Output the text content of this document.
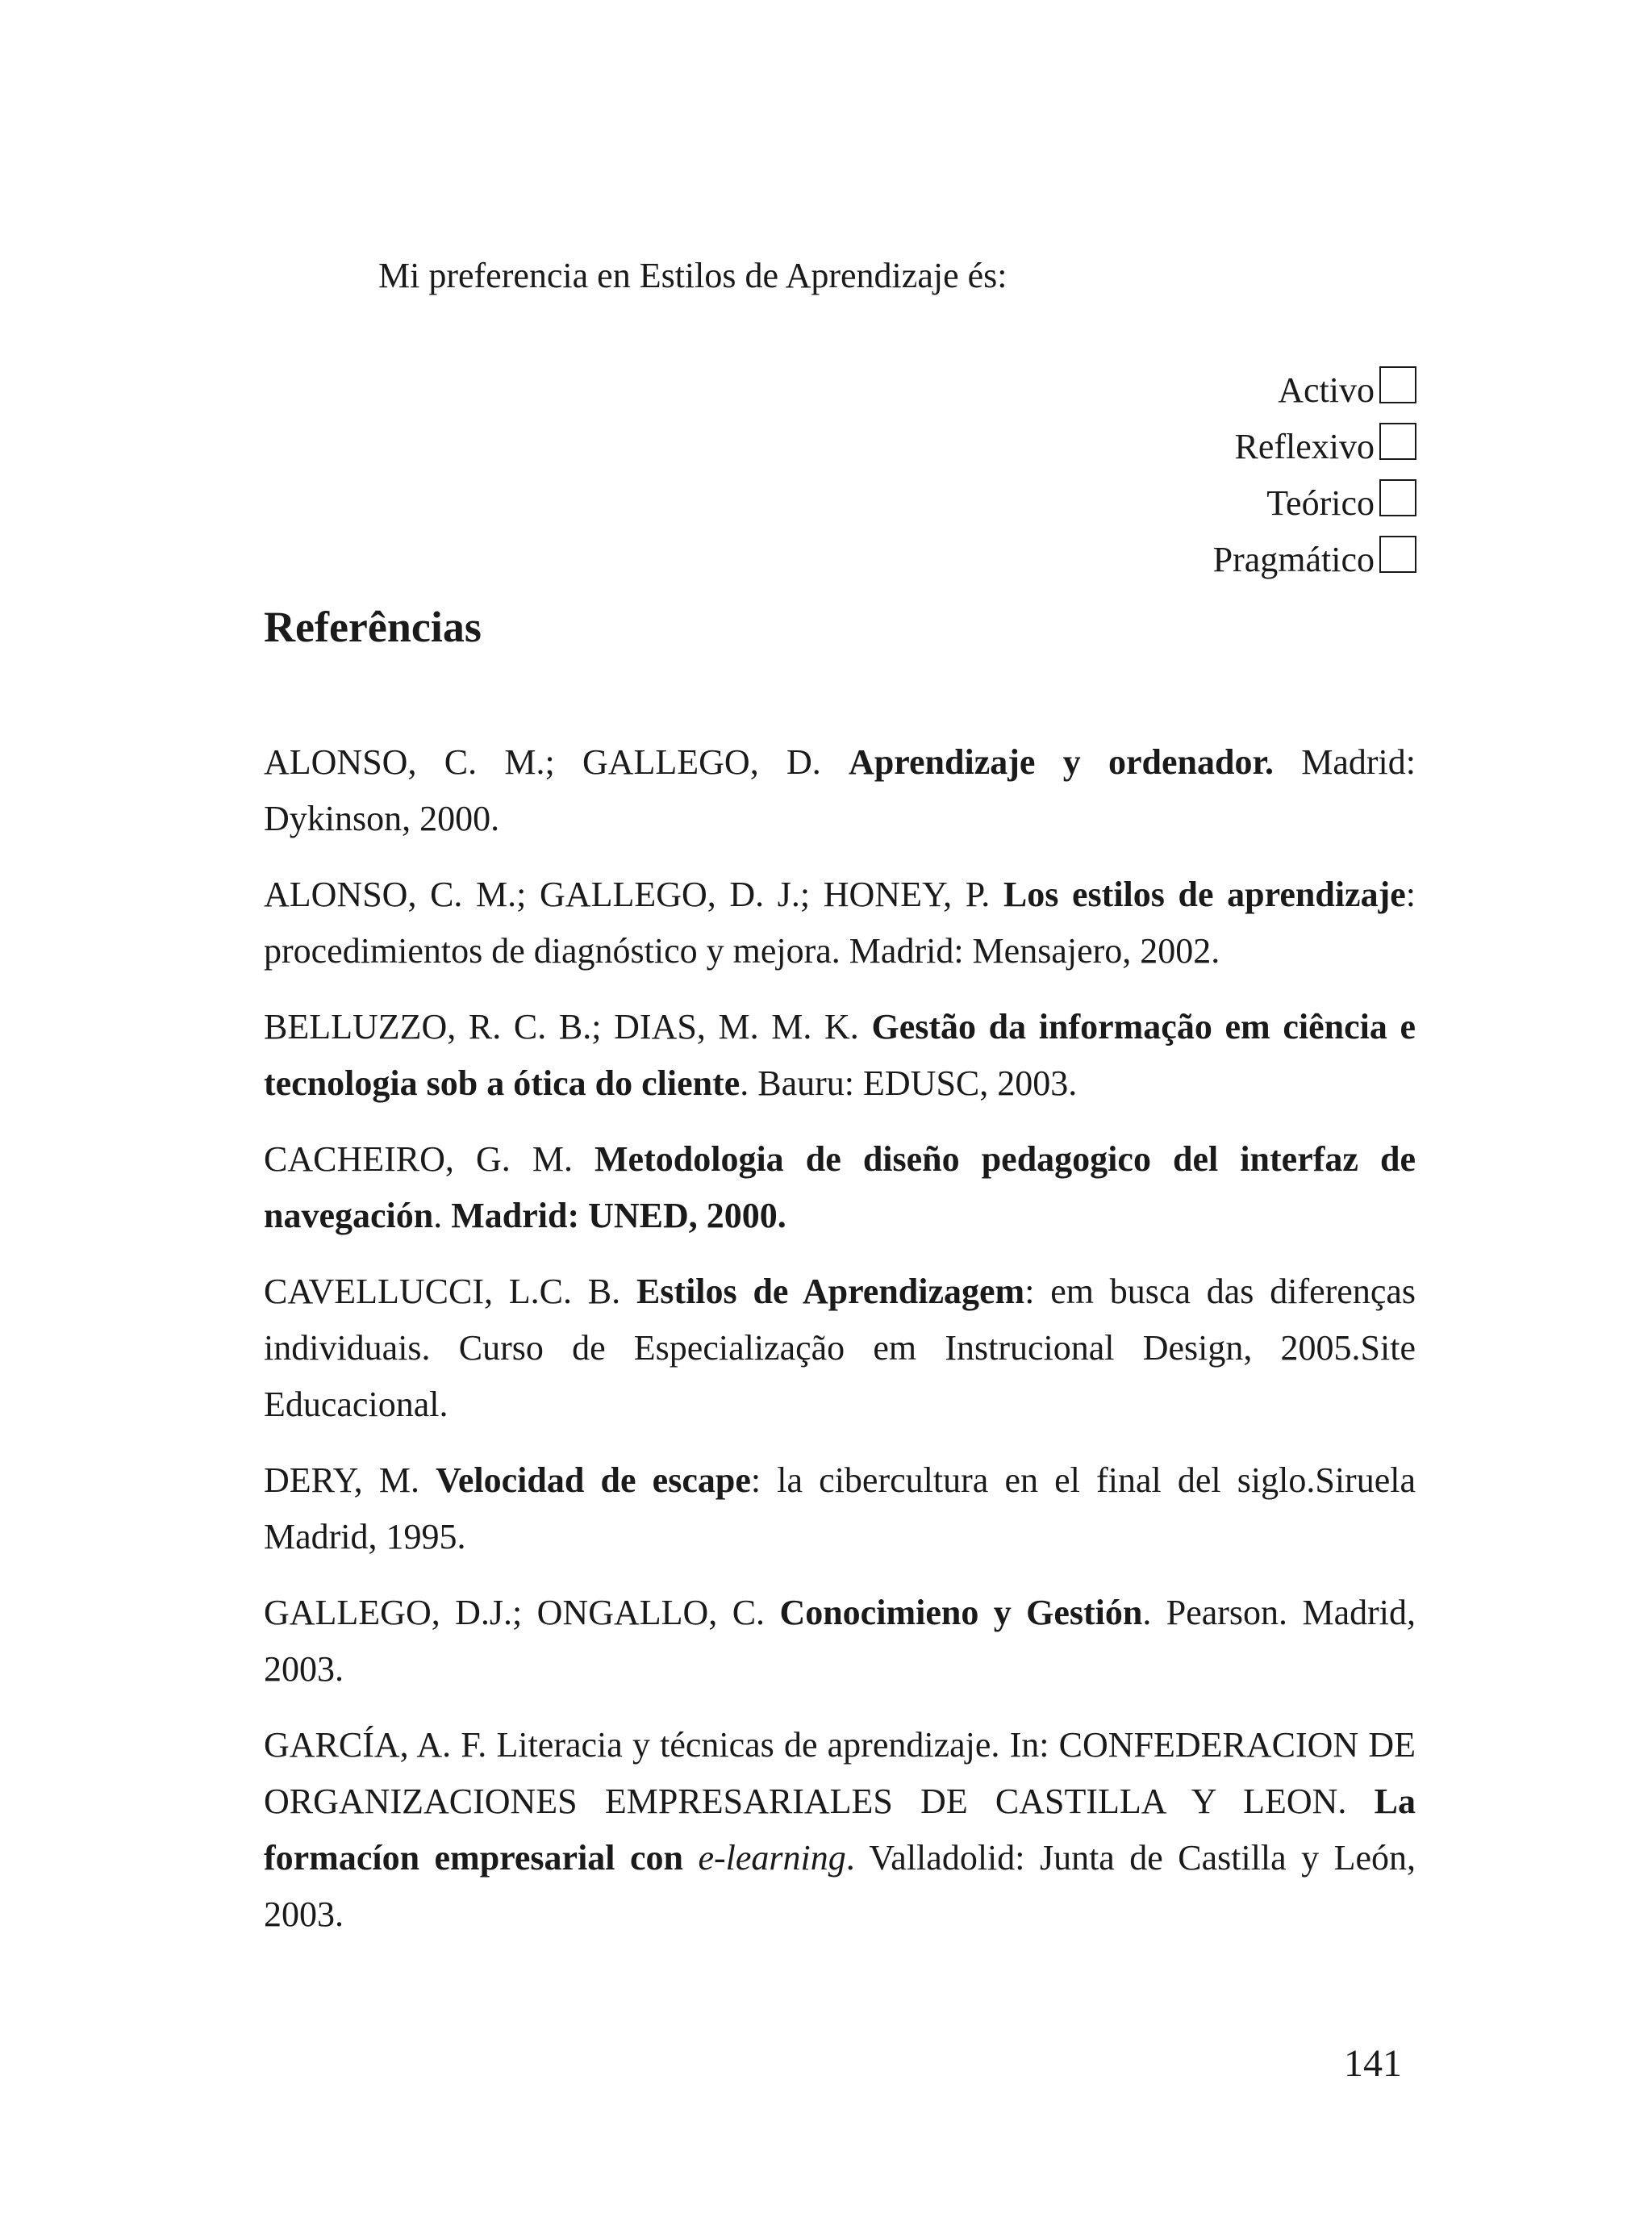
Mi preferencia en Estilos de Aprendizaje és:

Activo
Reflexivo
Teórico
Pragmático
Referências
ALONSO, C. M.; GALLEGO, D. Aprendizaje y ordenador. Madrid: Dykinson, 2000.
ALONSO, C. M.; GALLEGO, D. J.; HONEY, P. Los estilos de aprendizaje: procedimientos de diagnóstico y mejora. Madrid: Mensajero, 2002.
BELLUZZO, R. C. B.; DIAS, M. M. K. Gestão da informação em ciência e tecnologia sob a ótica do cliente. Bauru: EDUSC, 2003.
CACHEIRO, G. M. Metodologia de diseño pedagogico del interfaz de navegación. Madrid: UNED, 2000.
CAVELLUCCI, L.C. B. Estilos de Aprendizagem: em busca das diferenças individuais. Curso de Especialização em Instrucional Design, 2005.Site Educacional.
DERY, M. Velocidad de escape: la cibercultura en el final del siglo.Siruela Madrid, 1995.
GALLEGO, D.J.; ONGALLO, C. Conocimieno y Gestión. Pearson. Madrid, 2003.
GARCÍA, A. F. Literacia y técnicas de aprendizaje. In: CONFEDERACION DE ORGANIZACIONES EMPRESARIALES DE CASTILLA Y LEON. La formacíon empresarial con e-learning. Valladolid: Junta de Castilla y León, 2003.

141
